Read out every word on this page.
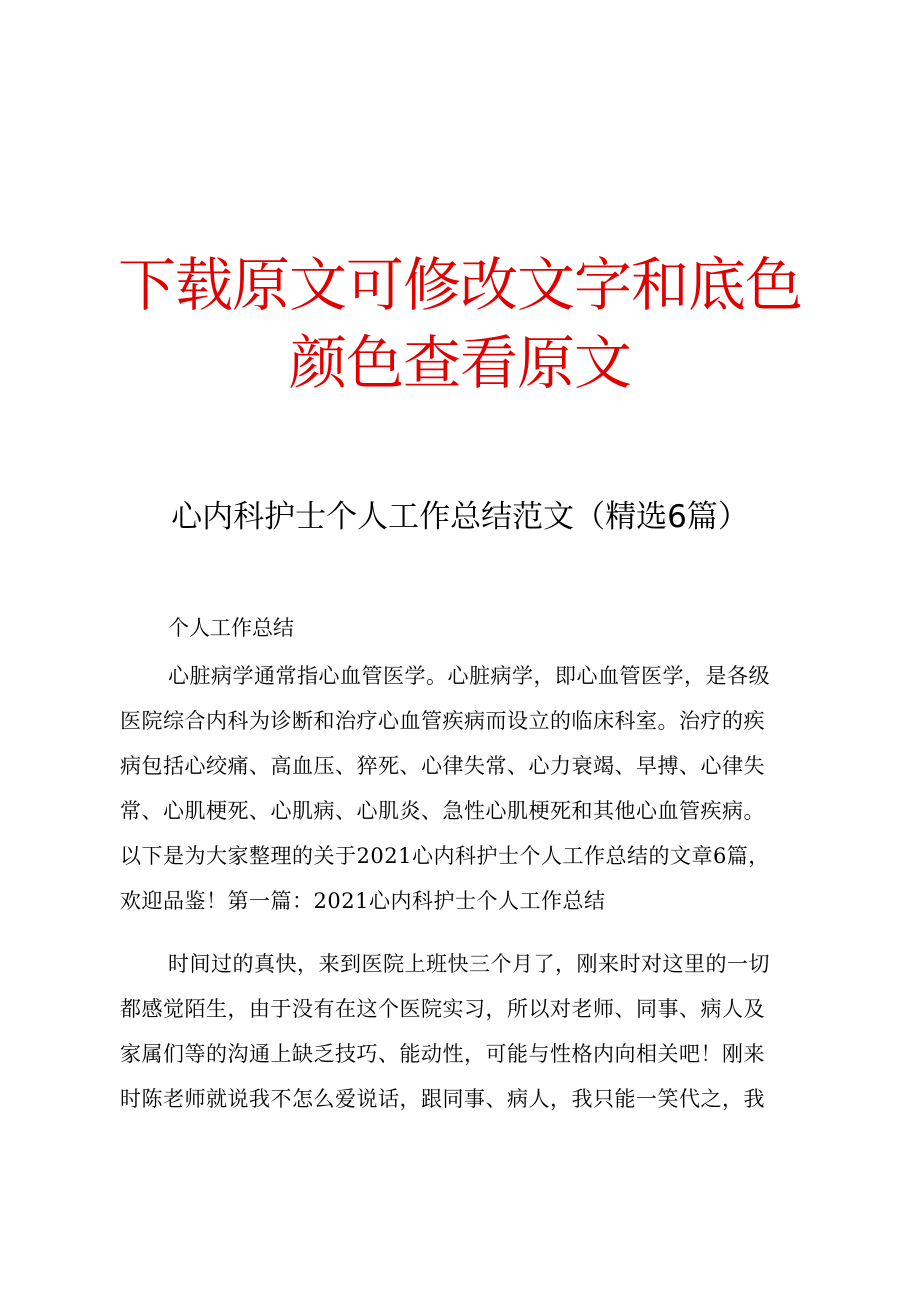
下载原文可修改文字和底色
颜色查看原文
心内科护士个人工作总结范文（精选6篇）
个人工作总结
心脏病学通常指心血管医学。心脏病学，即心血管医学，是各级
医院综合内科为诊断和治疗心血管疾病而设立的临床科室。治疗的疾
病包括心绞痛、高血压、猝死、心律失常、心力衰竭、早搏、心律失
常、心肌梗死、心肌病、心肌炎、急性心肌梗死和其他心血管疾病。
以下是为大家整理的关于2021心内科护士个人工作总结的文章6篇，
欢迎品鉴！第一篇：2021心内科护士个人工作总结
时间过的真快，来到医院上班快三个月了，刚来时对这里的一切
都感觉陌生，由于没有在这个医院实习，所以对老师、同事、病人及
家属们等的沟通上缺乏技巧、能动性，可能与性格内向相关吧！刚来
时陈老师就说我不怎么爱说话，跟同事、病人，我只能一笑代之，我
